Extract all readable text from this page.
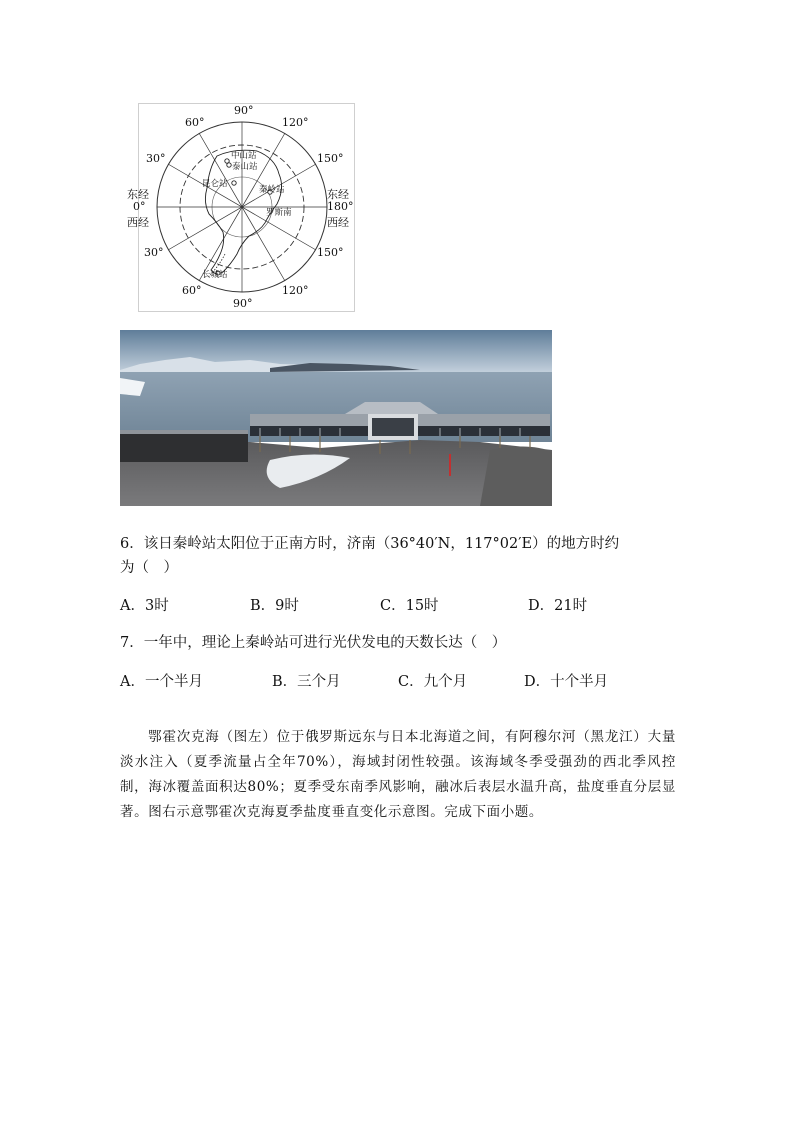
90°
60°	120°
30°	150°
东经
0°
西经
东经
180°
西经
30°	150°
60°	120°
90°
中山站
泰山站
昆仑站
秦岭站
罗斯南
长城站
6．该日秦岭站太阳位于正南方时，济南（36°40′N，117°02′E）的地方时约
为（　）
A．3时	B．9时	C．15时	D．21时
7．一年中，理论上秦岭站可进行光伏发电的天数长达（　）
A．一个半月	B．三个月	C．九个月	D．十个半月
鄂霍次克海（图左）位于俄罗斯远东与日本北海道之间，有阿穆尔河（黑龙江）大量淡水注入（夏季流量占全年70%），海域封闭性较强。该海域冬季受强劲的西北季风控制，海冰覆盖面积达80%；夏季受东南季风影响，融冰后表层水温升高，盐度垂直分层显著。图右示意鄂霍次克海夏季盐度垂直变化示意图。完成下面小题。
